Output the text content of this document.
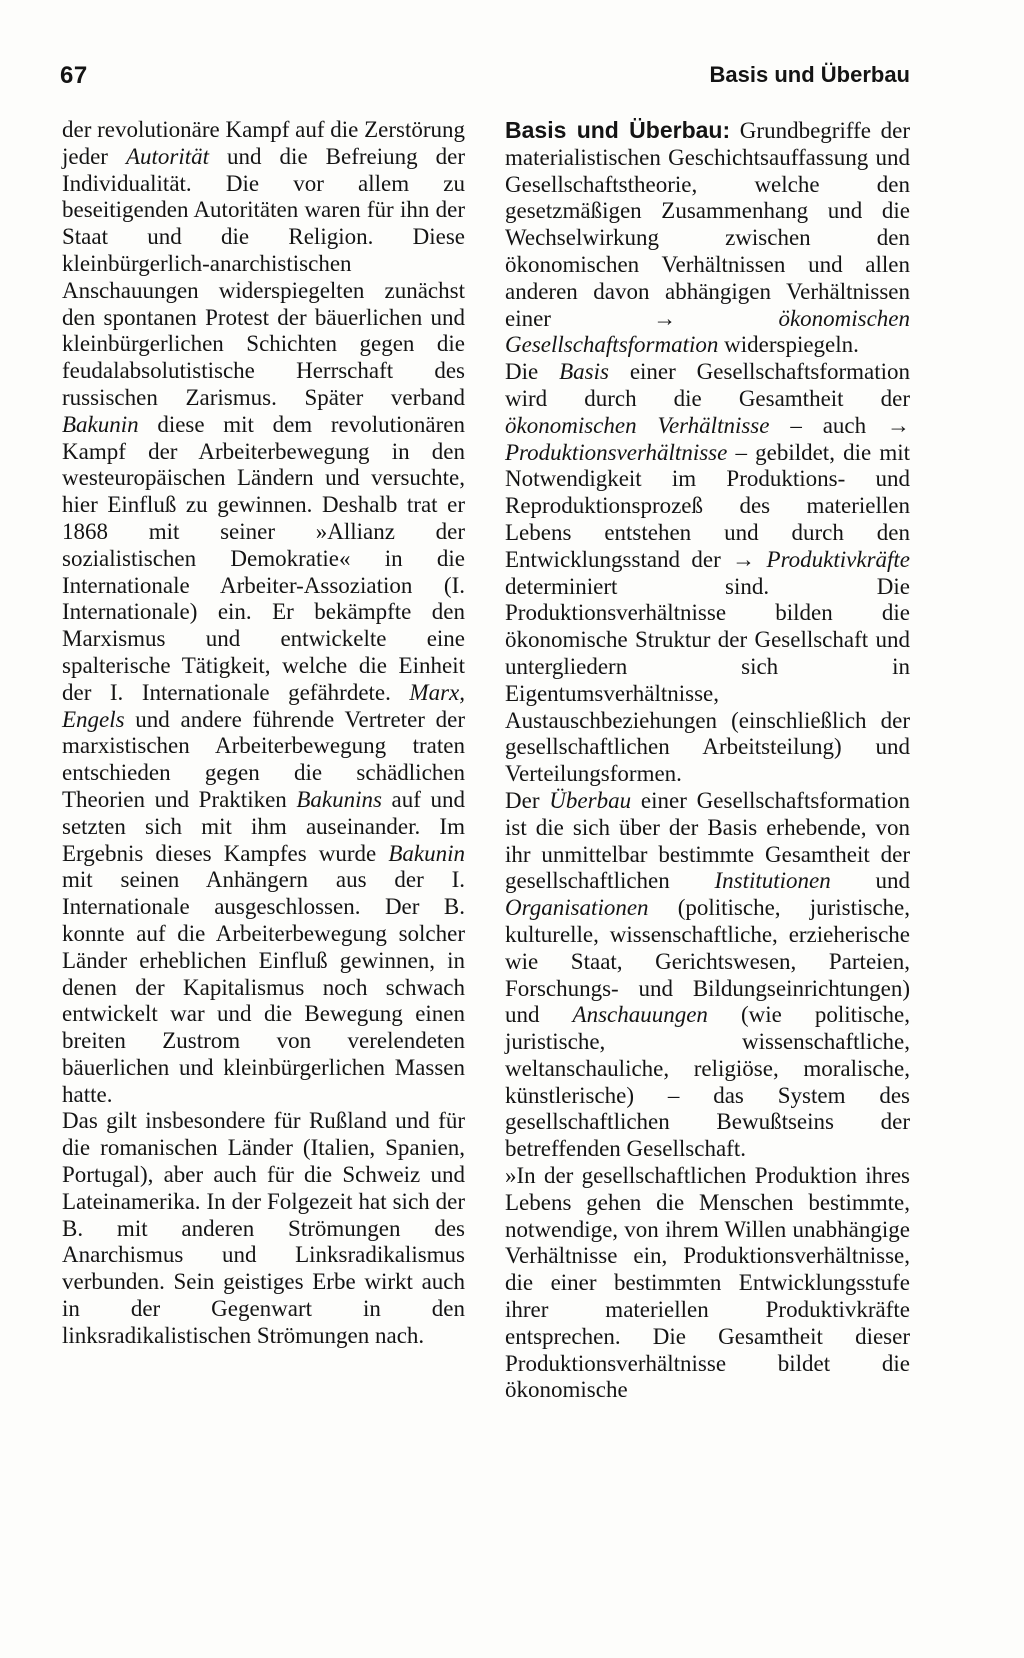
67	Basis und Überbau

der revolutionäre Kampf auf die Zerstörung jeder Autorität und die Befreiung der Individualität. Die vor allem zu beseitigenden Autoritäten waren für ihn der Staat und die Religion. Diese kleinbürgerlich-anarchistischen Anschauungen widerspiegelten zunächst den spontanen Protest der bäuerlichen und kleinbürgerlichen Schichten gegen die feudalabsolutistische Herrschaft des russischen Zarismus. Später verband Bakunin diese mit dem revolutionären Kampf der Arbeiterbewegung in den westeuropäischen Ländern und versuchte, hier Einfluß zu gewinnen. Deshalb trat er 1868 mit seiner »Allianz der sozialistischen Demokratie« in die Internationale Arbeiter-Assoziation (I. Internationale) ein. Er bekämpfte den Marxismus und entwickelte eine spalterische Tätigkeit, welche die Einheit der I. Internationale gefährdete. Marx, Engels und andere führende Vertreter der marxistischen Arbeiterbewegung traten entschieden gegen die schädlichen Theorien und Praktiken Bakunins auf und setzten sich mit ihm auseinander. Im Ergebnis dieses Kampfes wurde Bakunin mit seinen Anhängern aus der I. Internationale ausgeschlossen. Der B. konnte auf die Arbeiterbewegung solcher Länder erheblichen Einfluß gewinnen, in denen der Kapitalismus noch schwach entwickelt war und die Bewegung einen breiten Zustrom von verelendeten bäuerlichen und kleinbürgerlichen Massen hatte.

Das gilt insbesondere für Rußland und für die romanischen Länder (Italien, Spanien, Portugal), aber auch für die Schweiz und Lateinamerika. In der Folgezeit hat sich der B. mit anderen Strömungen des Anarchismus und Linksradikalismus verbunden. Sein geistiges Erbe wirkt auch in der Gegenwart in den linksradikalistischen Strömungen nach.

Basis und Überbau: Grundbegriffe der materialistischen Geschichtsauffassung und Gesellschaftstheorie, welche den gesetzmäßigen Zusammenhang und die Wechselwirkung zwischen den ökonomischen Verhältnissen und allen anderen davon abhängigen Verhältnissen einer →	ökonomischen Gesellschaftsformation widerspiegeln.

Die Basis einer Gesellschaftsformation wird durch die Gesamtheit der ökonomischen Verhältnisse – auch → Produktionsverhältnisse – gebildet, die mit Notwendigkeit im Produktions- und Reproduktionsprozeß des materiellen Lebens entstehen und durch den Entwicklungsstand der → Produktivkräfte determiniert sind. Die Produktionsverhältnisse bilden die ökonomische Struktur der Gesellschaft und untergliedern sich in Eigentumsverhältnisse, Austauschbeziehungen (einschließlich der gesellschaftlichen Arbeitsteilung) und Verteilungsformen.

Der Überbau einer Gesellschaftsformation ist die sich über der Basis erhebende, von ihr unmittelbar bestimmte Gesamtheit der gesellschaftlichen Institutionen und Organisationen (politische, juristische, kulturelle, wissenschaftliche, erzieherische wie Staat, Gerichtswesen, Parteien, Forschungs- und Bildungseinrichtungen) und Anschauungen (wie politische, juristische, wissenschaftliche, weltanschauliche, religiöse, moralische, künstlerische) – das System des gesellschaftlichen Bewußtseins der betreffenden Gesellschaft.

»In der gesellschaftlichen Produktion ihres Lebens gehen die Menschen bestimmte, notwendige, von ihrem Willen unabhängige Verhältnisse ein, Produktionsverhältnisse, die einer bestimmten Entwicklungsstufe ihrer materiellen Produktivkräfte entsprechen. Die Gesamtheit dieser Produktionsverhältnisse bildet die ökonomische
